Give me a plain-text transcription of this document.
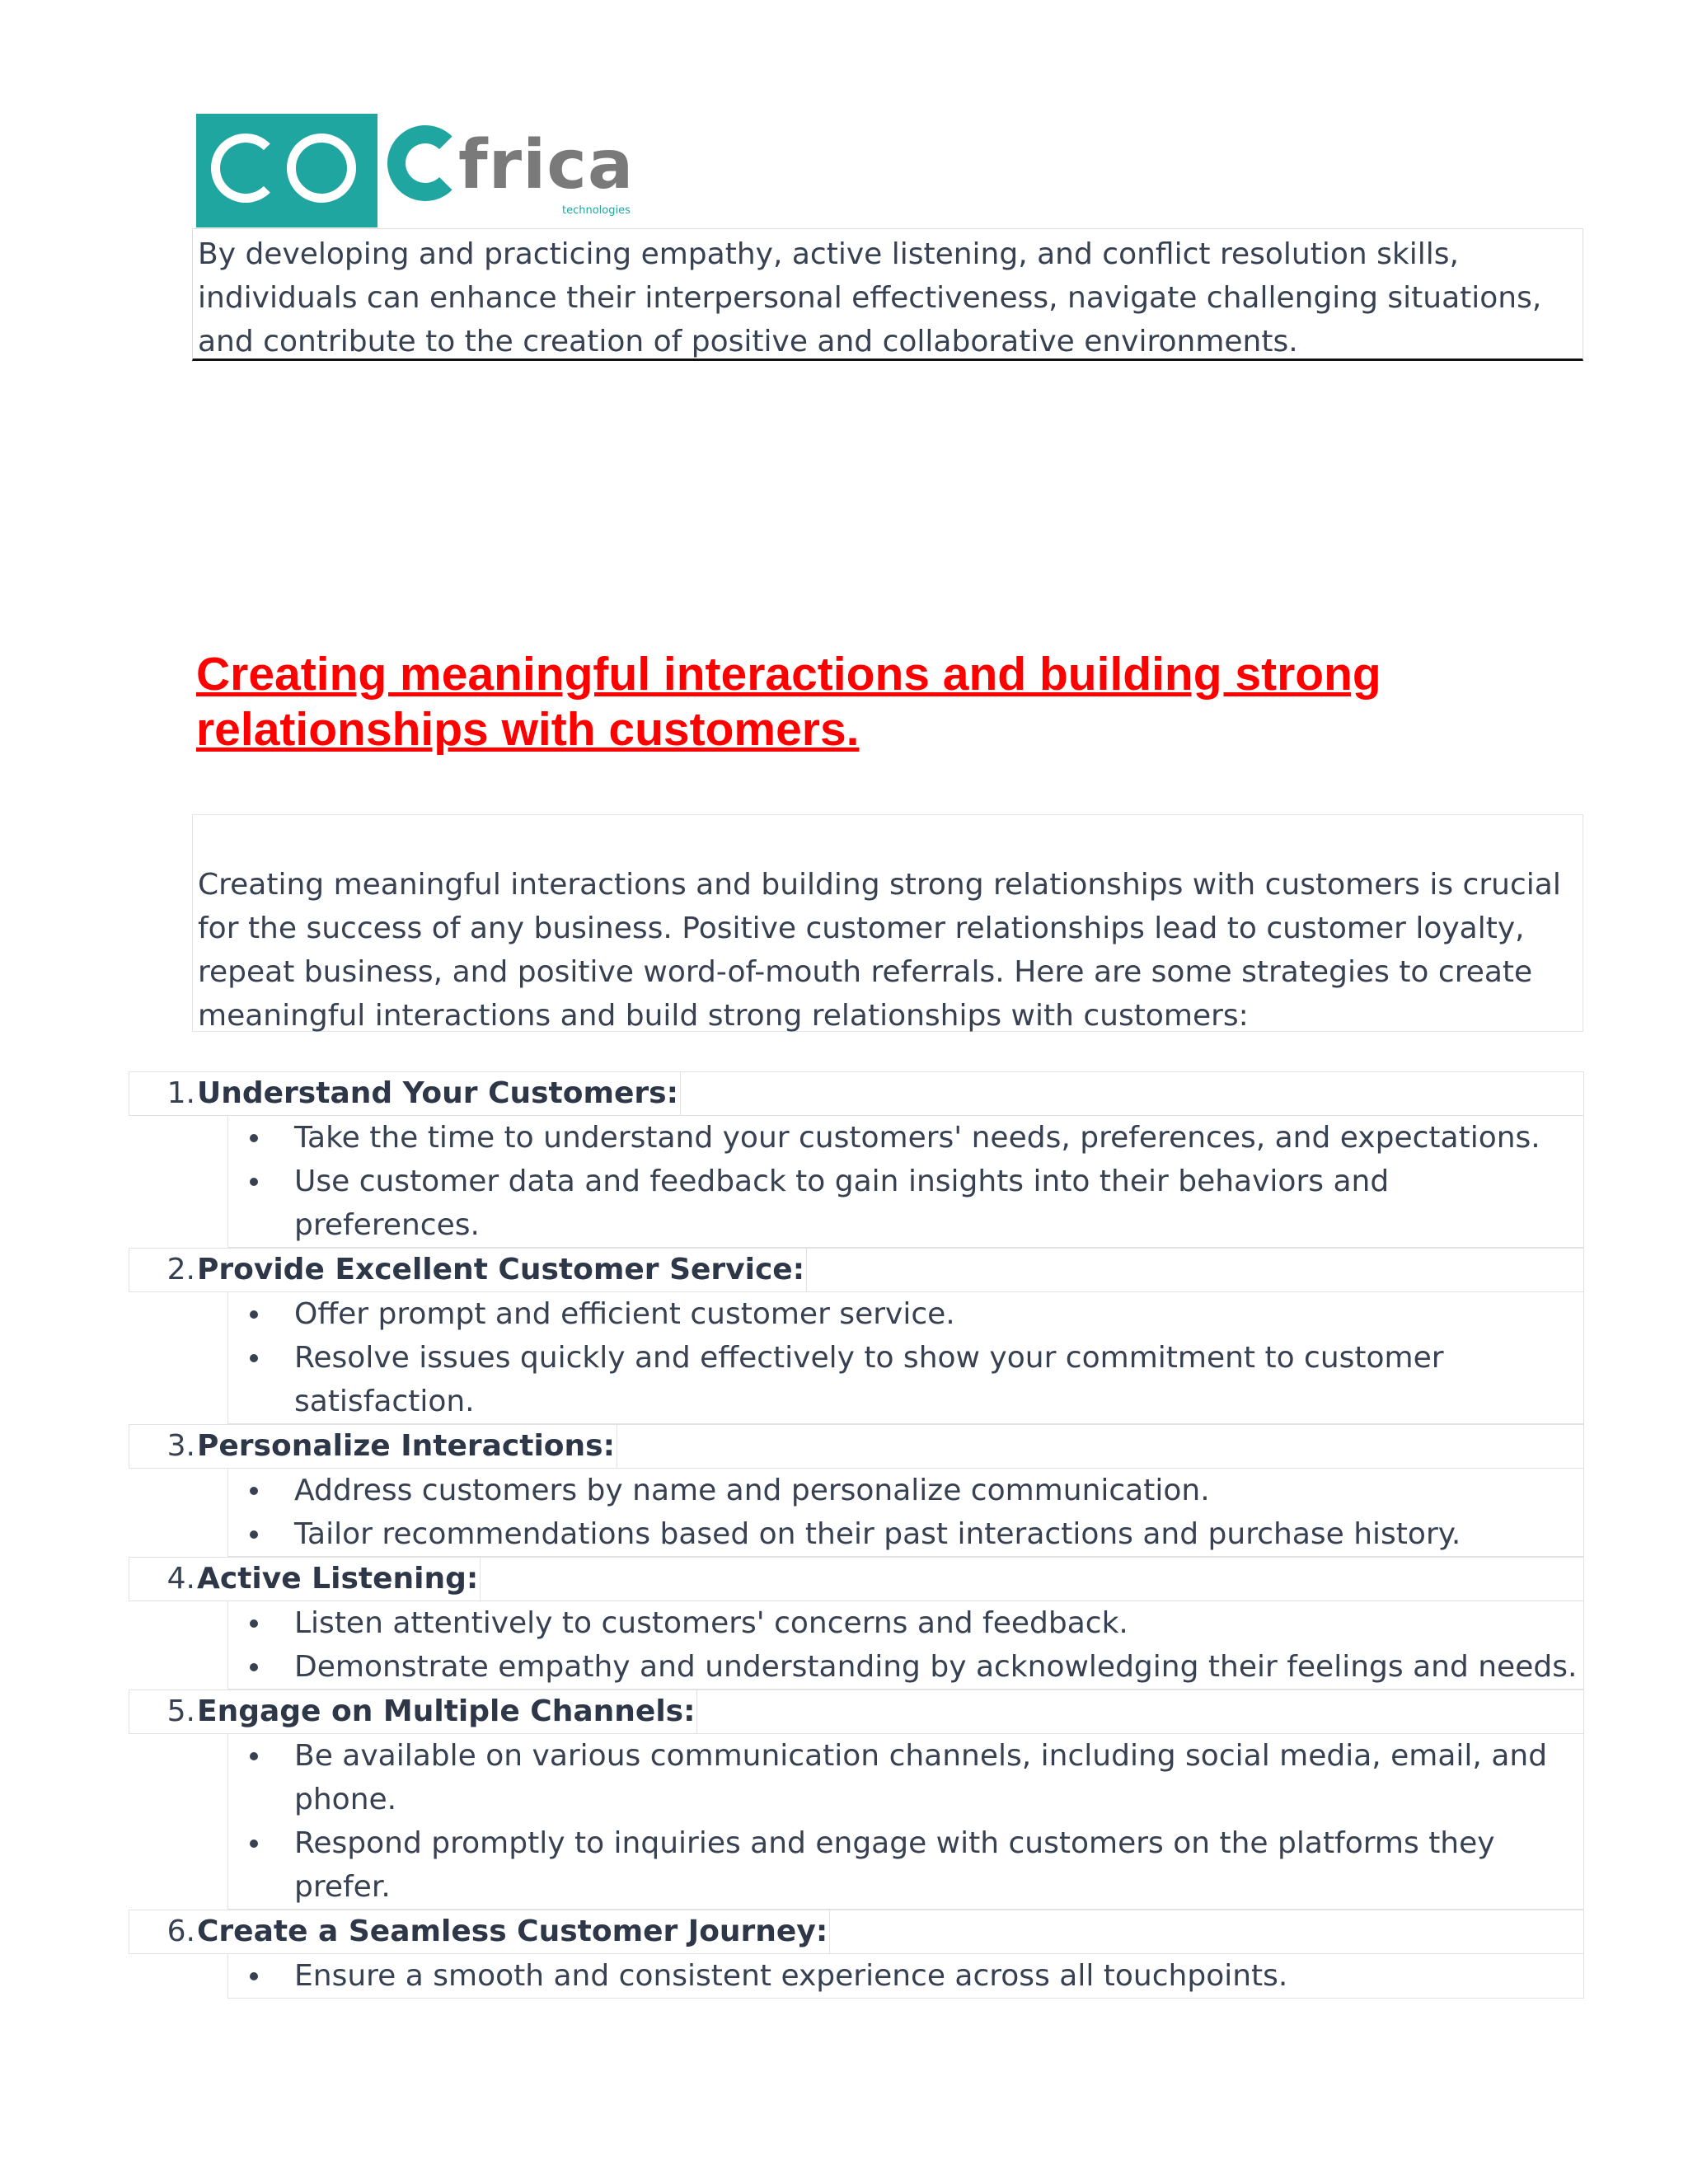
frica
technologies

By developing and practicing empathy, active listening, and conflict resolution skills, individuals can enhance their interpersonal effectiveness, navigate challenging situations, and contribute to the creation of positive and collaborative environments.

Creating meaningful interactions and building strong relationships with customers.

Creating meaningful interactions and building strong relationships with customers is crucial for the success of any business. Positive customer relationships lead to customer loyalty, repeat business, and positive word-of-mouth referrals. Here are some strategies to create meaningful interactions and build strong relationships with customers:

1. Understand Your Customers:
Take the time to understand your customers' needs, preferences, and expectations.
Use customer data and feedback to gain insights into their behaviors and preferences.
2. Provide Excellent Customer Service:
Offer prompt and efficient customer service.
Resolve issues quickly and effectively to show your commitment to customer satisfaction.
3. Personalize Interactions:
Address customers by name and personalize communication.
Tailor recommendations based on their past interactions and purchase history.
4. Active Listening:
Listen attentively to customers' concerns and feedback.
Demonstrate empathy and understanding by acknowledging their feelings and needs.
5. Engage on Multiple Channels:
Be available on various communication channels, including social media, email, and phone.
Respond promptly to inquiries and engage with customers on the platforms they prefer.
6. Create a Seamless Customer Journey:
Ensure a smooth and consistent experience across all touchpoints.
